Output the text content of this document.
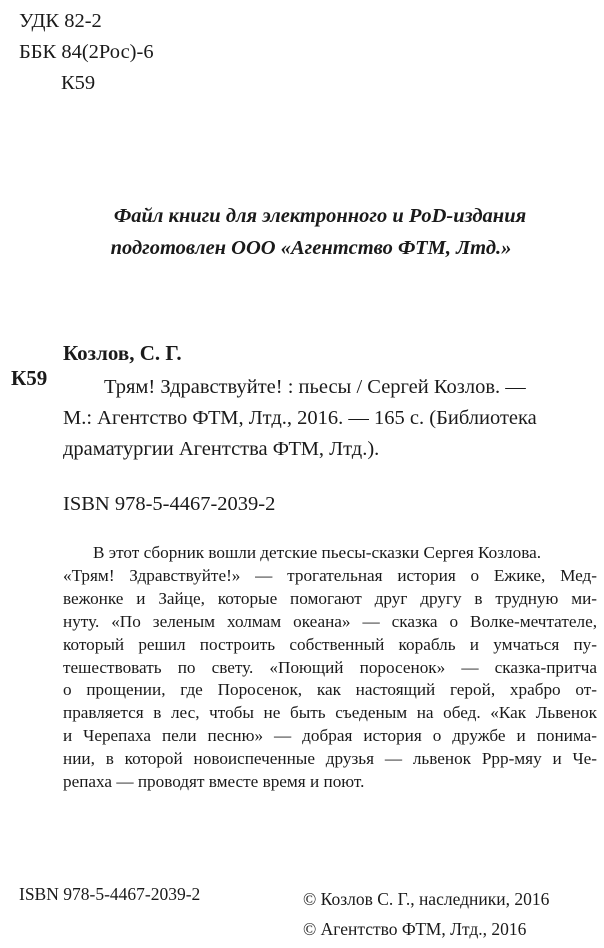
УДК 82-2
ББК 84(2Рос)-6
К59
Файл книги для электронного и PoD-издания
подготовлен ООО «Агентство ФТМ, Лтд.»
Козлов, С. Г.
К59	Трям! Здравствуйте! : пьесы / Сергей Козлов. —
М.: Агентство ФТМ, Лтд., 2016. — 165 с. (Библиотека
драматургии Агентства ФТМ, Лтд.).
ISBN 978-5-4467-2039-2
В этот сборник вошли детские пьесы-сказки Сергея Козлова.
«Трям! Здравствуйте!» — трогательная история о Ежике, Мед-
вежонке и Зайце, которые помогают друг другу в трудную ми-
нуту. «По зеленым холмам океана» — сказка о Волке-мечтателе,
который решил построить собственный корабль и умчаться пу-
тешествовать по свету. «Поющий поросенок» — сказка-притча
о прощении, где Поросенок, как настоящий герой, храбро от-
правляется в лес, чтобы не быть съеденым на обед. «Как Львенок
и Черепаха пели песню» — добрая история о дружбе и понима-
нии, в которой новоиспеченные друзья — львенок Ррр-мяу и Че-
репаха — проводят вместе время и поют.
ISBN 978-5-4467-2039-2	© Козлов С. Г., наследники, 2016
© Агентство ФТМ, Лтд., 2016
